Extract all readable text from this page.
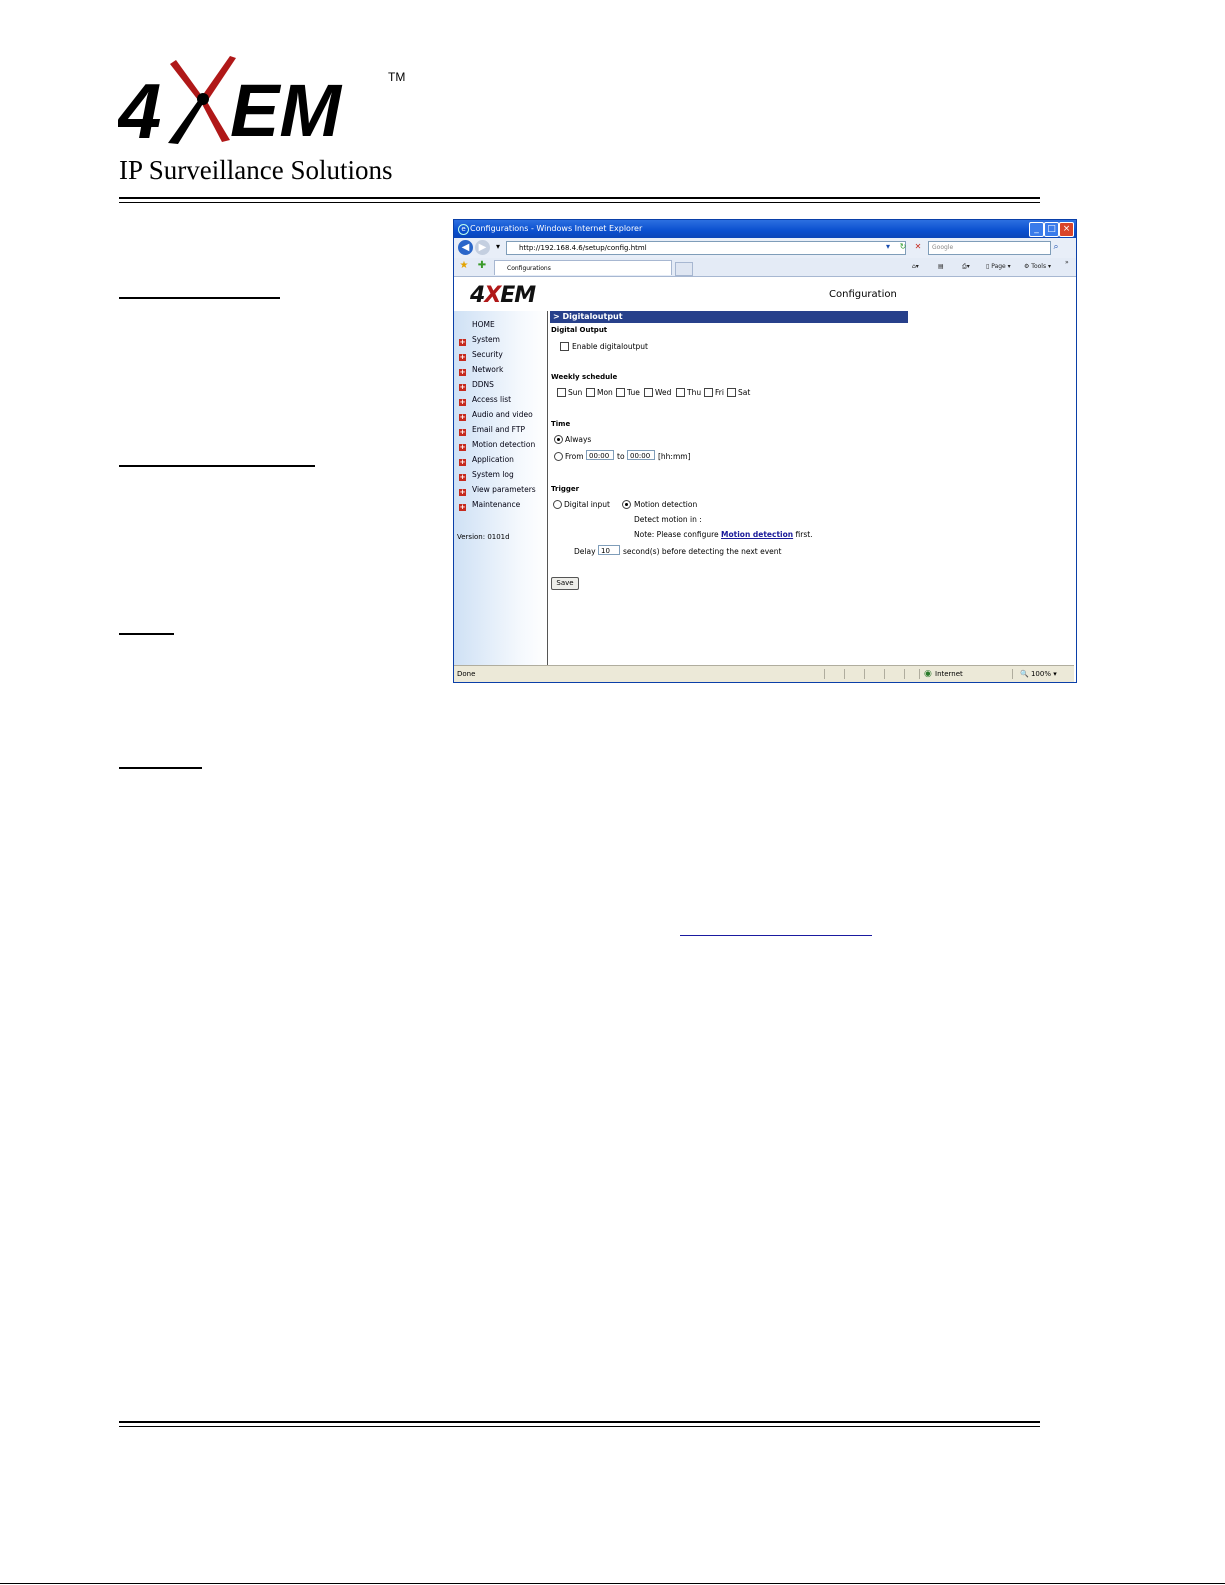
4 EM	TM
IP Surveillance Solutions
e Configurations - Windows Internet Explorer	_ □ ×
◀ ▶	▾	http://192.168.4.6/setup/config.html	▾	↻	✕	Google	⌕
★ ✚	Configurations	⌂▾	▤	⎙▾	▯ Page ▾ ⚙ Tools ▾
»
4XEM	Configuration
HOME
+ System
+ Security
+ Network
+ DDNS
+ Access list
+ Audio and video
+ Email and FTP
+ Motion detection
+ Application
+ System log
+ View parameters
+ Maintenance
Version: 0101d
> Digitaloutput
Digital Output
Enable digitaloutput
Weekly schedule
Sun Mon Tue Wed Thu Fri Sat
Time
Always
From 00:00	to 00:00	[hh:mm]
Trigger
Digital input	Motion detection
Detect motion in :
Note: Please configure Motion detection first.
Delay 10	second(s) before detecting the next event
Save
Done	◉ Internet	🔍 100% ▾
